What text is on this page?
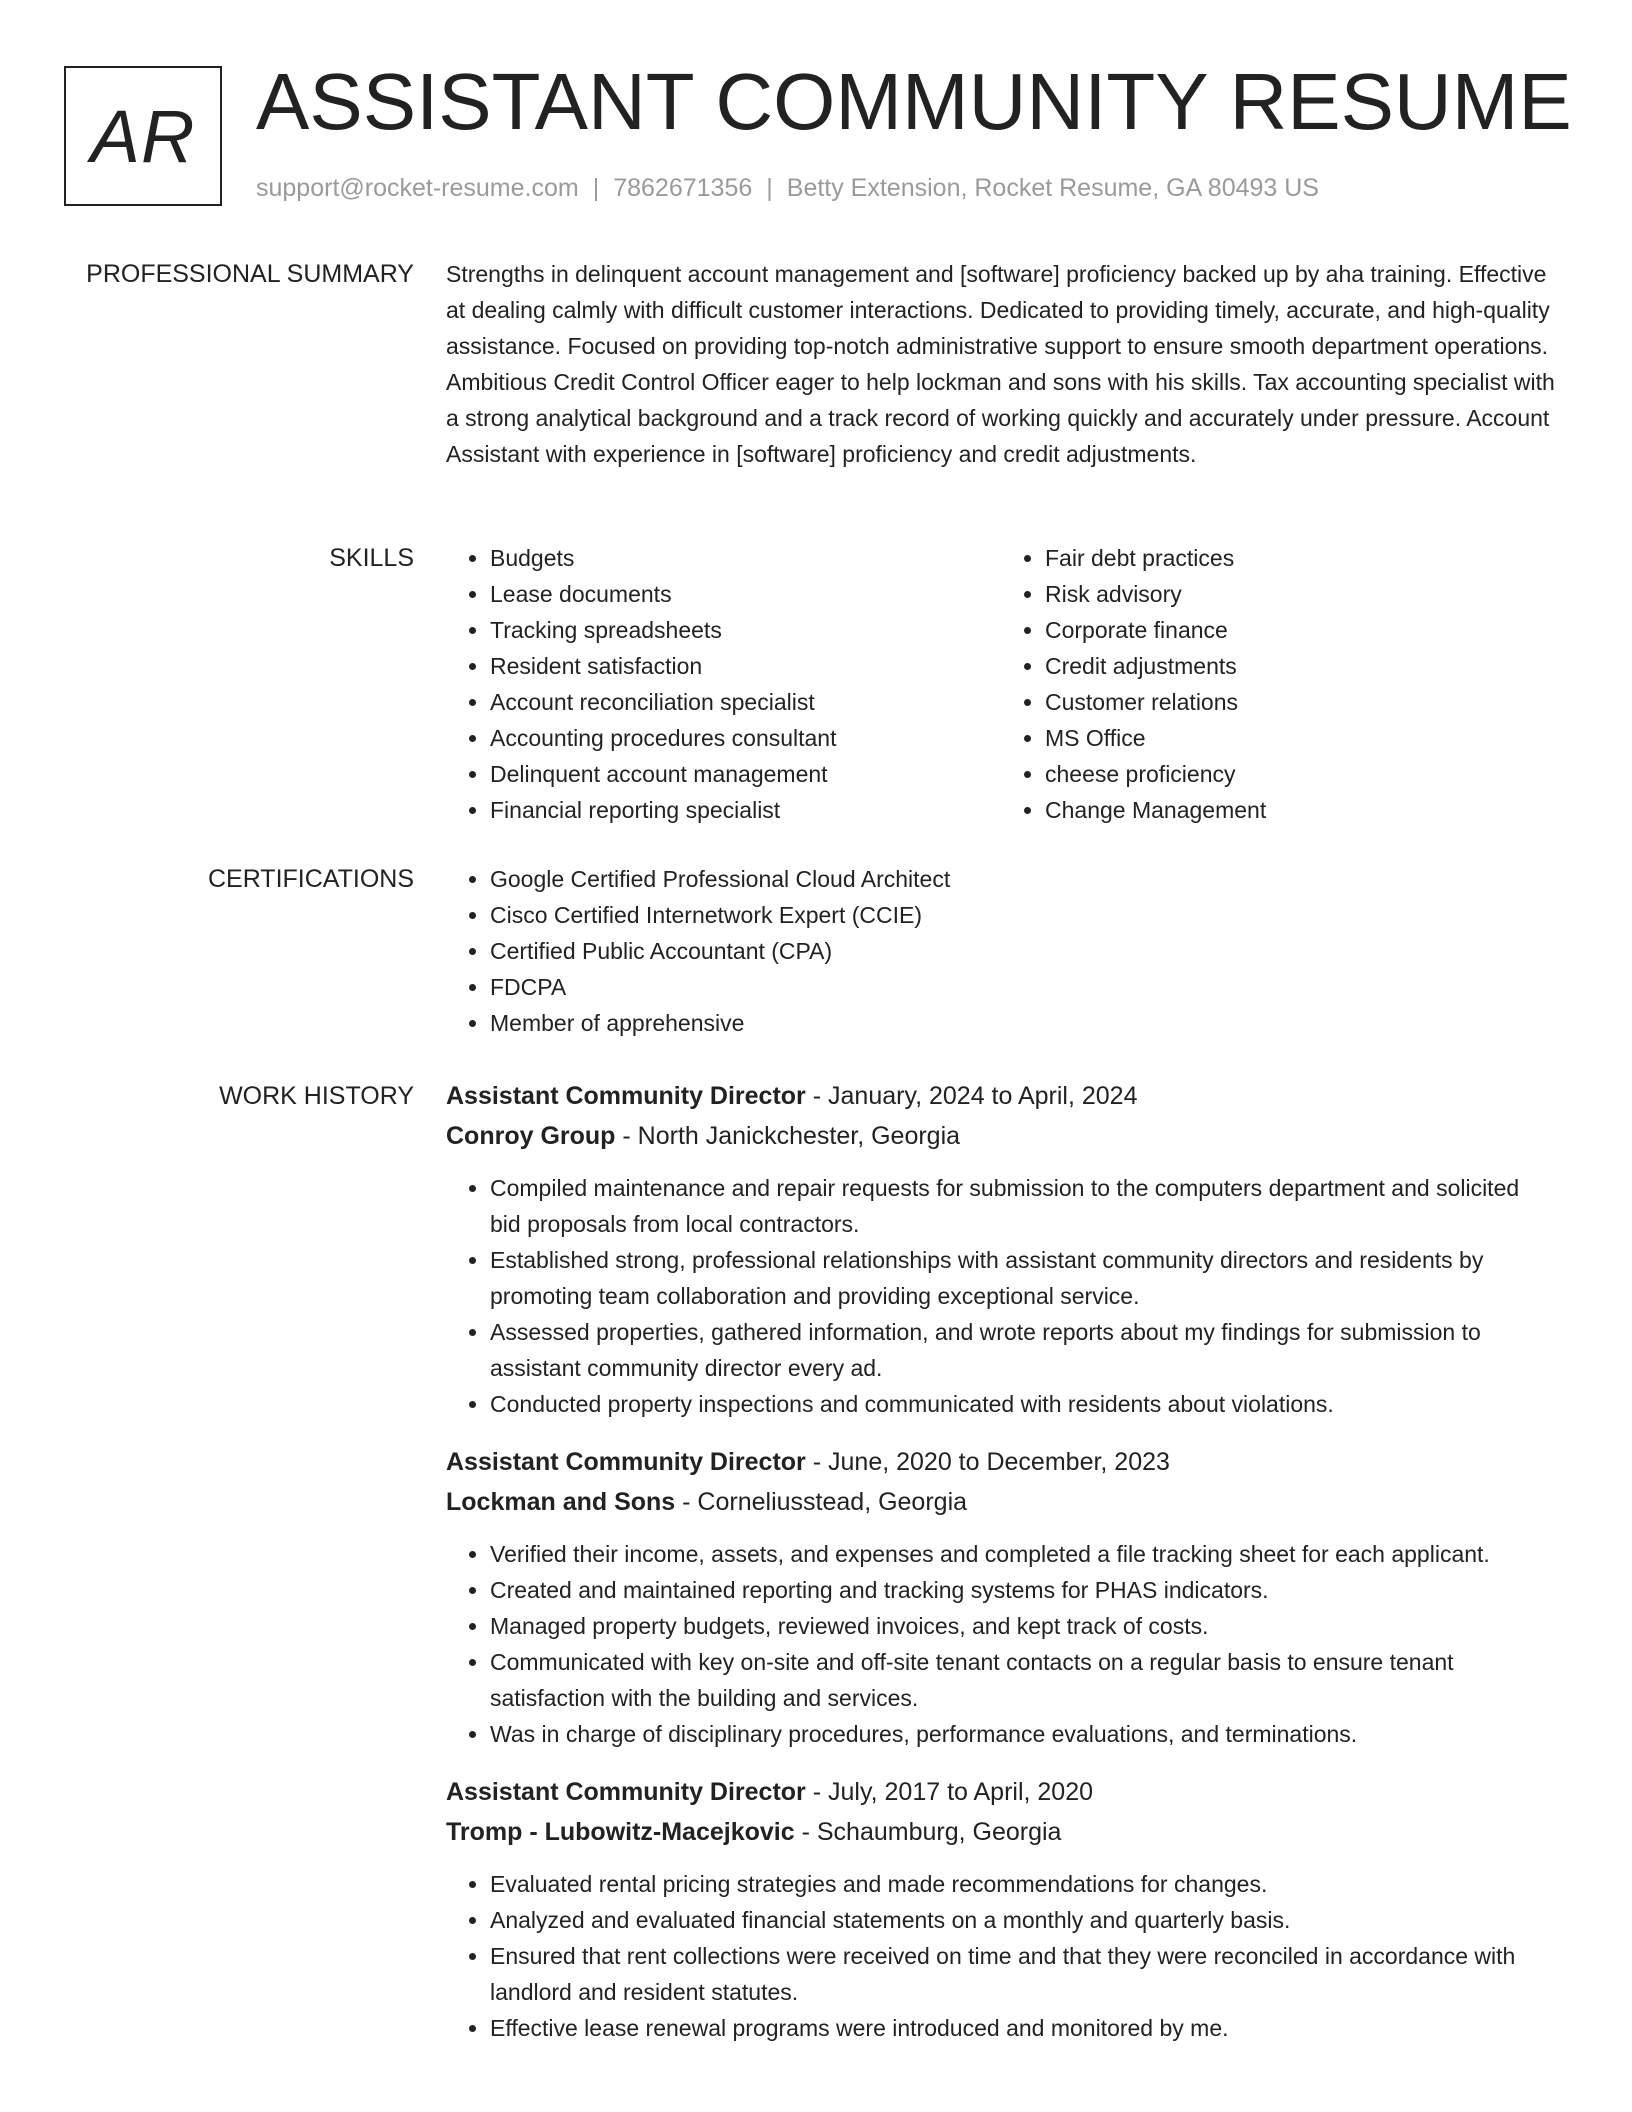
AR ASSISTANT COMMUNITY RESUME
support@rocket-resume.com | 7862671356 | Betty Extension, Rocket Resume, GA 80493 US
PROFESSIONAL SUMMARY Strengths in delinquent account management and [software] proficiency backed up by aha training. Effective at dealing calmly with difficult customer interactions. Dedicated to providing timely, accurate, and high-quality assistance. Focused on providing top-notch administrative support to ensure smooth department operations. Ambitious Credit Control Officer eager to help lockman and sons with his skills. Tax accounting specialist with a strong analytical background and a track record of working quickly and accurately under pressure. Account Assistant with experience in [software] proficiency and credit adjustments.

SKILLS	• Budgets
• Lease documents
• Tracking spreadsheets
• Resident satisfaction
• Account reconciliation specialist
• Accounting procedures consultant
• Delinquent account management
• Financial reporting specialist
• Fair debt practices
• Risk advisory
• Corporate finance
• Credit adjustments
• Customer relations
• MS Office
• cheese proficiency
• Change Management
CERTIFICATIONS	• Google Certified Professional Cloud Architect
• Cisco Certified Internetwork Expert (CCIE)
• Certified Public Accountant (CPA)
• FDCPA
• Member of apprehensive
WORK HISTORY Assistant Community Director - January, 2024 to April, 2024
Conroy Group - North Janickchester, Georgia
• Compiled maintenance and repair requests for submission to the computers department and solicited bid proposals from local contractors.
• Established strong, professional relationships with assistant community directors and residents by promoting team collaboration and providing exceptional service.
• Assessed properties, gathered information, and wrote reports about my findings for submission to assistant community director every ad.
• Conducted property inspections and communicated with residents about violations.
Assistant Community Director - June, 2020 to December, 2023
Lockman and Sons - Corneliusstead, Georgia
• Verified their income, assets, and expenses and completed a file tracking sheet for each applicant.
• Created and maintained reporting and tracking systems for PHAS indicators.
• Managed property budgets, reviewed invoices, and kept track of costs.
• Communicated with key on-site and off-site tenant contacts on a regular basis to ensure tenant satisfaction with the building and services.
• Was in charge of disciplinary procedures, performance evaluations, and terminations.
Assistant Community Director - July, 2017 to April, 2020
Tromp - Lubowitz-Macejkovic - Schaumburg, Georgia
• Evaluated rental pricing strategies and made recommendations for changes.
• Analyzed and evaluated financial statements on a monthly and quarterly basis.
• Ensured that rent collections were received on time and that they were reconciled in accordance with landlord and resident statutes.
• Effective lease renewal programs were introduced and monitored by me.
